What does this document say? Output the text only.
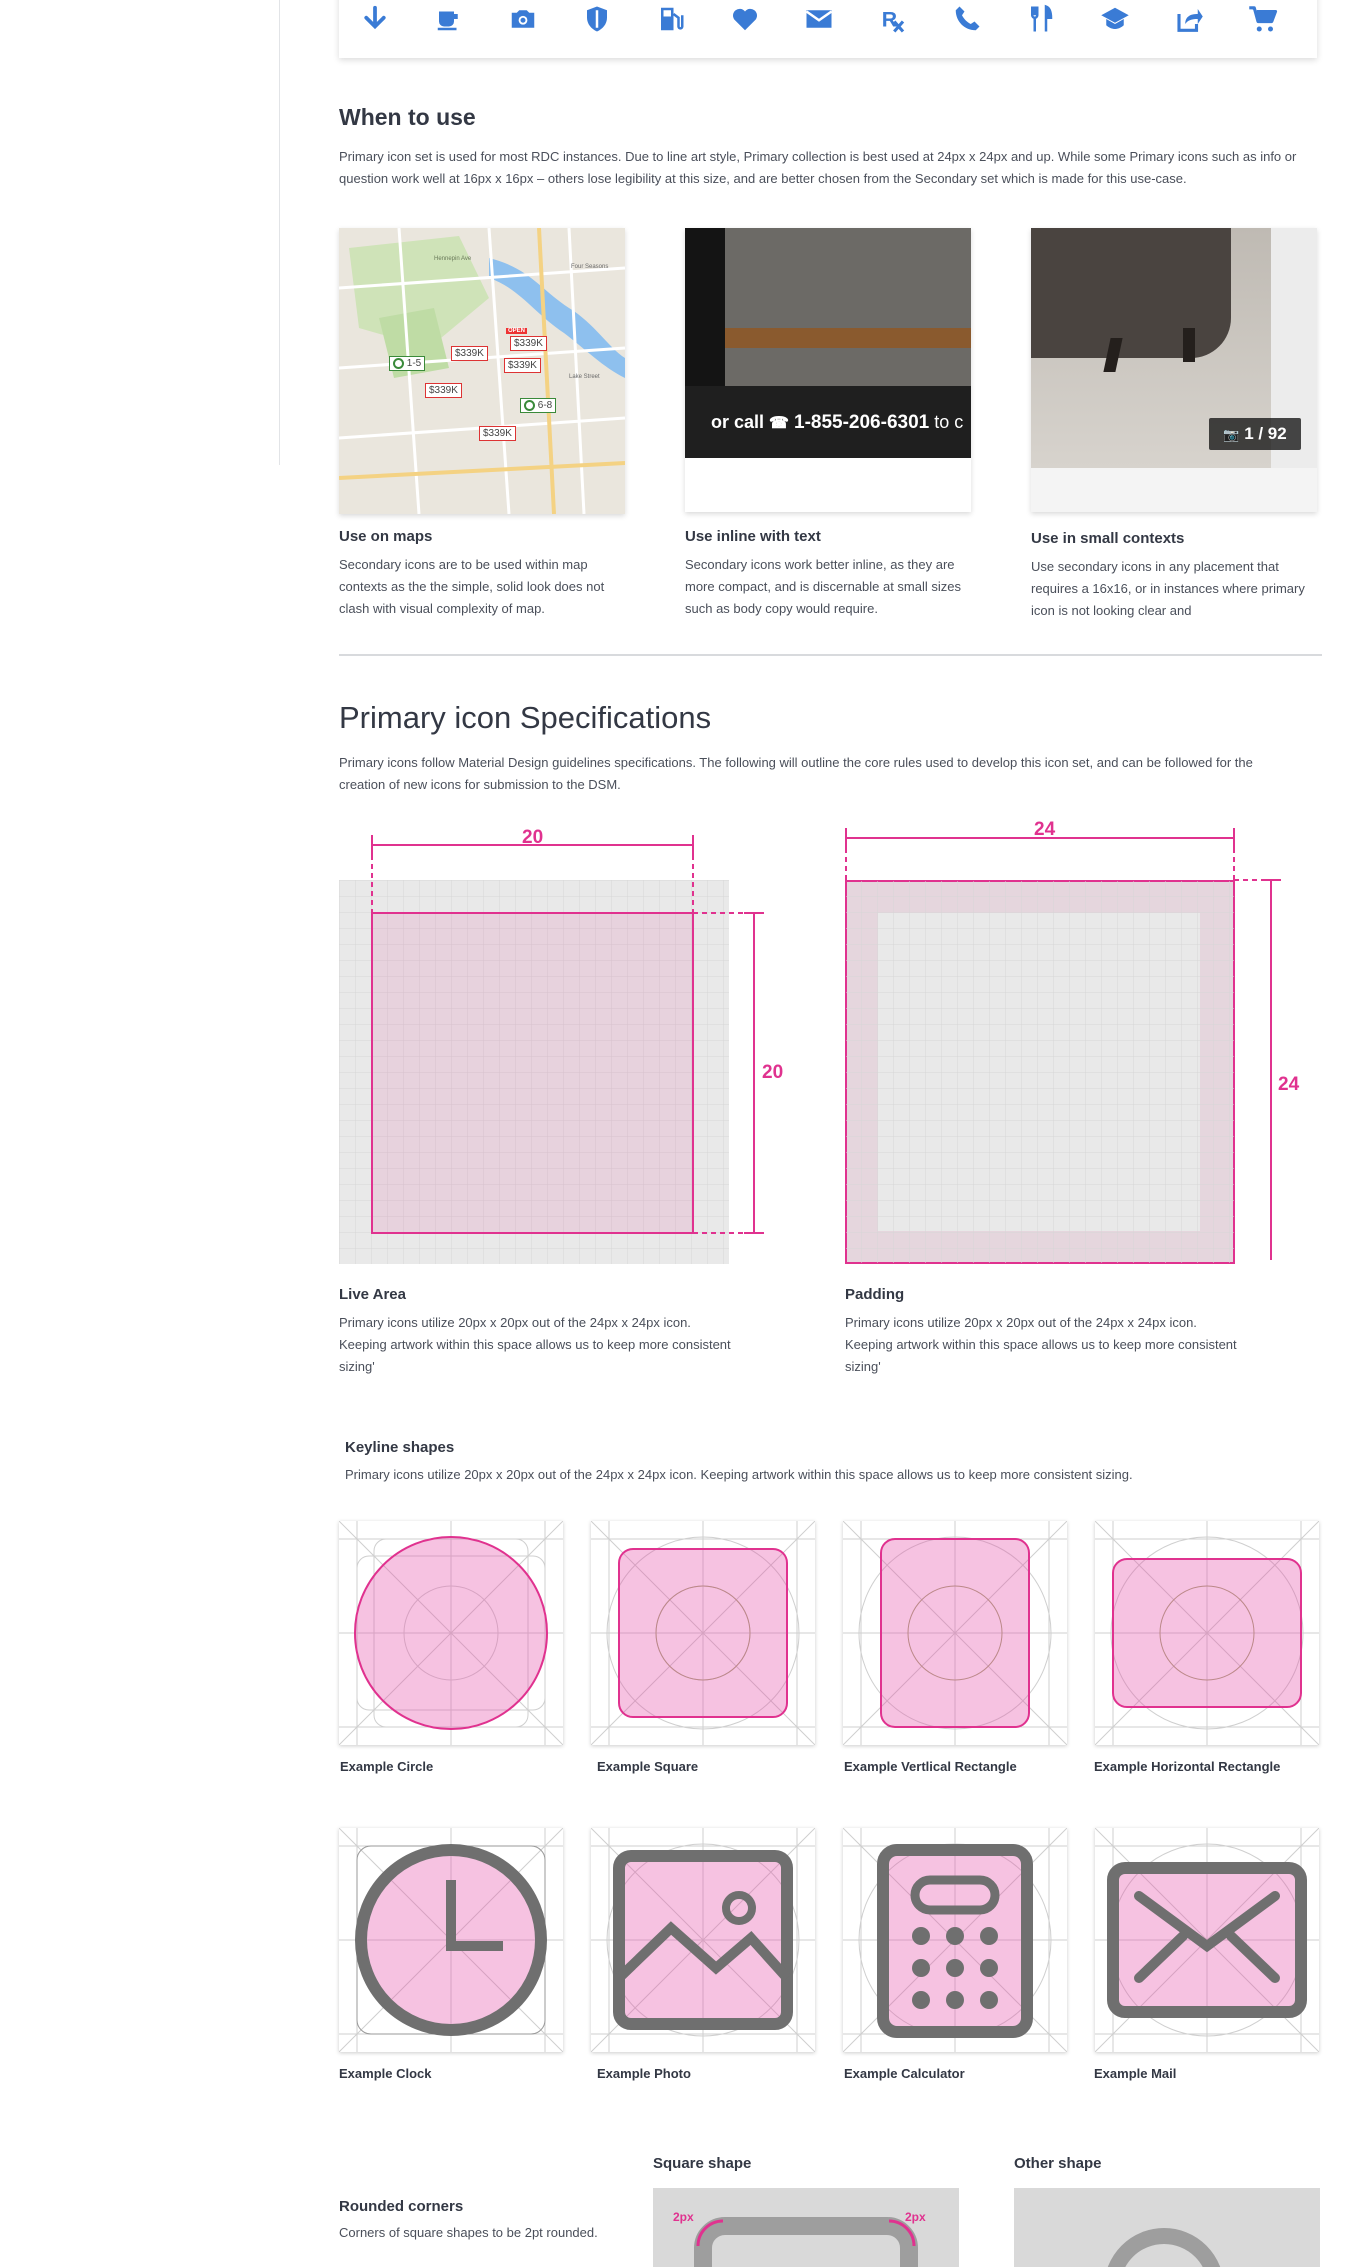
R
When to use

Primary icon set is used for most RDC instances. Due to line art style, Primary collection is best used at 24px x 24px and up. While some Primary icons such as info or question work well at 16px x 16px – others lose legibility at this size, and are better chosen from the Secondary set which is made for this use-case.

Hennepin Ave
Four Seasons
Lake Street
$339K
$339K
OPEN
$339K
$339K
$339K
1-5
6-8
Use on maps

Secondary icons are to be used within map contexts as the the simple, solid look does not clash with visual complexity of map.

or call ☎ 1-855-206-6301 to c
Use inline with text

Secondary icons work better inline, as they are more compact, and is discernable at small sizes such as body copy would require.

📷 1 / 92
Use in small contexts

Use secondary icons in any placement that requires a 16x16, or in instances where primary icon is not looking clear and

Primary icon Specifications

Primary icons follow Material Design guidelines specifications. The following will outline the core rules used to develop this icon set, and can be followed for the creation of new icons for submission to the DSM.

20
20
Live Area

Primary icons utilize 20px x 20px out of the 24px x 24px icon. Keeping artwork within this space allows us to keep more consistent sizing'

24
24
Padding

Primary icons utilize 20px x 20px out of the 24px x 24px icon. Keeping artwork within this space allows us to keep more consistent sizing'

Keyline shapes

Primary icons utilize 20px x 20px out of the 24px x 24px icon. Keeping artwork within this space allows us to keep more consistent sizing.

Example Circle	Example Square	Example Vertlical Rectangle	Example Horizontal Rectangle
Example Clock	Example Photo	Example Calculator	Example Mail
Rounded corners

Corners of square shapes to be 2pt rounded.

Square shape	Other shape
2px	2px
